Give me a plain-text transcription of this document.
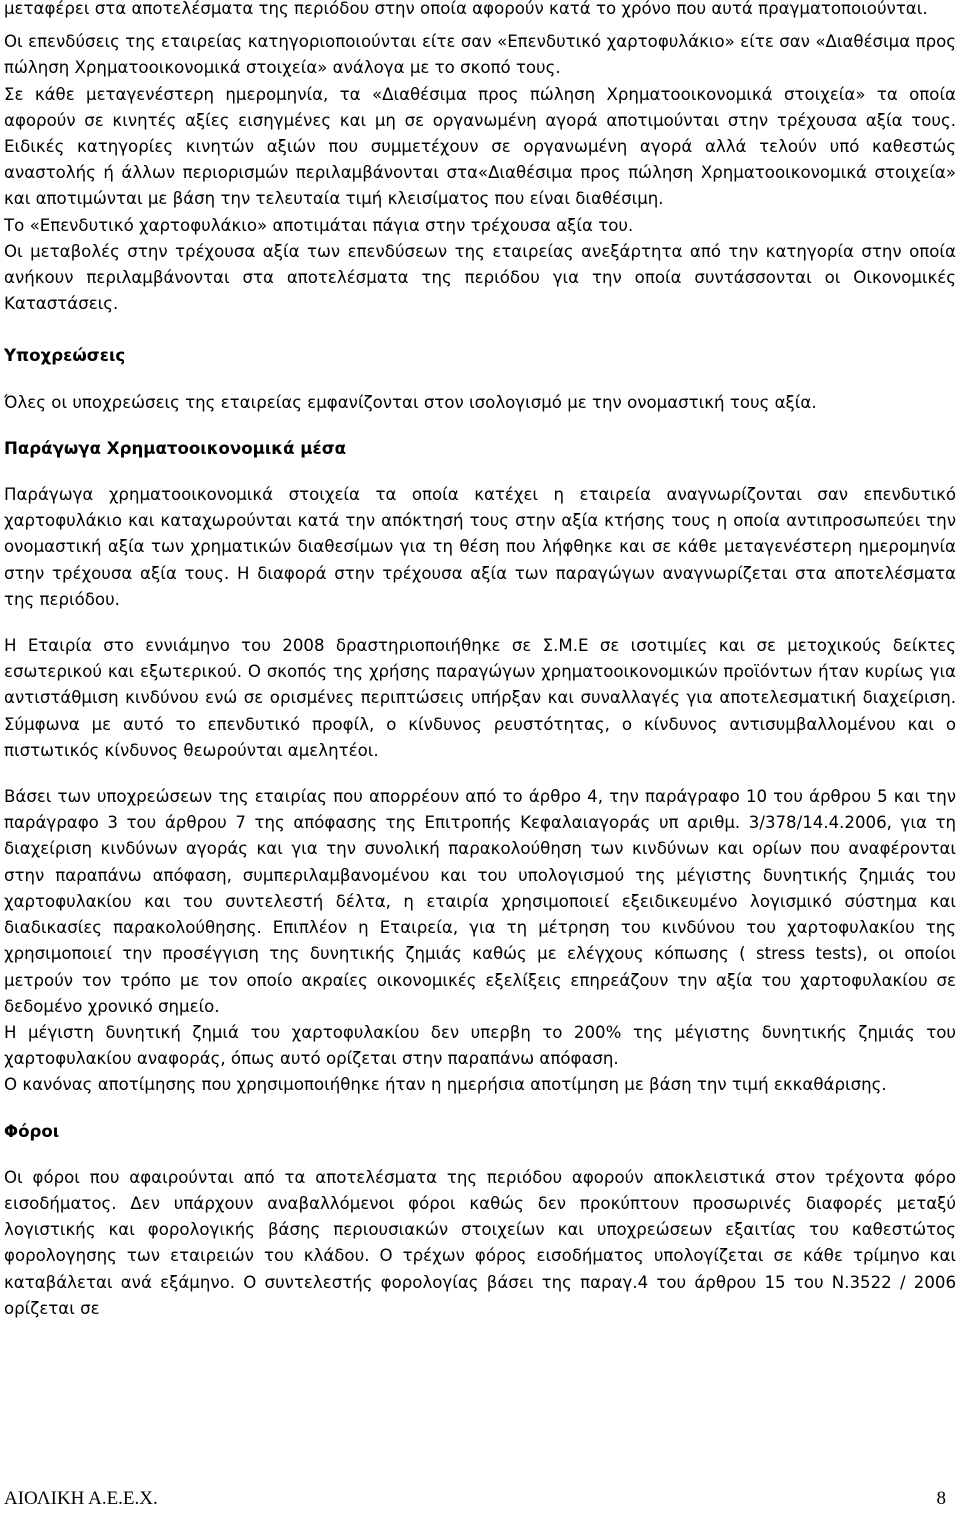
μεταφέρει στα αποτελέσματα της περιόδου στην οποία αφορούν κατά το χρόνο που αυτά πραγματοποιούνται.

Οι επενδύσεις της εταιρείας κατηγοριοποιούνται είτε σαν «Επενδυτικό χαρτοφυλάκιο» είτε σαν «Διαθέσιμα προς πώληση Χρηματοοικονομικά στοιχεία» ανάλογα με το σκοπό τους.

Σε κάθε μεταγενέστερη ημερομηνία, τα «Διαθέσιμα προς πώληση Χρηματοοικονομικά στοιχεία» τα οποία αφορούν σε κινητές αξίες εισηγμένες και μη σε οργανωμένη αγορά αποτιμούνται στην τρέχουσα αξία τους. Ειδικές κατηγορίες κινητών αξιών που συμμετέχουν σε οργανωμένη αγορά αλλά τελούν υπό καθεστώς αναστολής ή άλλων περιορισμών περιλαμβάνονται στα«Διαθέσιμα προς πώληση Χρηματοοικονομικά στοιχεία» και αποτιμώνται με βάση την τελευταία τιμή κλεισίματος που είναι διαθέσιμη.

Το «Επενδυτικό χαρτοφυλάκιο» αποτιμάται πάγια στην τρέχουσα αξία του.

Οι μεταβολές στην τρέχουσα αξία των επενδύσεων της εταιρείας ανεξάρτητα από την κατηγορία στην οποία ανήκουν περιλαμβάνονται στα αποτελέσματα της περιόδου για την οποία συντάσσονται οι Οικονομικές Καταστάσεις.

Υποχρεώσεις

Όλες οι υποχρεώσεις της εταιρείας εμφανίζονται στον ισολογισμό με την ονομαστική τους αξία.

Παράγωγα Χρηματοοικονομικά μέσα

Παράγωγα χρηματοοικονομικά στοιχεία τα οποία κατέχει η εταιρεία αναγνωρίζονται σαν επενδυτικό χαρτοφυλάκιο και καταχωρούνται κατά την απόκτησή τους στην αξία κτήσης τους η οποία αντιπροσωπεύει την ονομαστική αξία των χρηματικών διαθεσίμων για τη θέση που λήφθηκε και σε κάθε μεταγενέστερη ημερομηνία στην τρέχουσα αξία τους. Η διαφορά στην τρέχουσα αξία των παραγώγων αναγνωρίζεται στα αποτελέσματα της περιόδου.

Η Εταιρία στο εννιάμηνο του 2008 δραστηριοποιήθηκε σε Σ.Μ.Ε σε ισοτιμίες και σε μετοχικούς δείκτες εσωτερικού και εξωτερικού. Ο σκοπός της χρήσης παραγώγων χρηματοοικονομικών προϊόντων ήταν κυρίως για αντιστάθμιση κινδύνου ενώ σε ορισμένες περιπτώσεις υπήρξαν και συναλλαγές για αποτελεσματική διαχείριση. Σύμφωνα με αυτό το επενδυτικό προφίλ, ο κίνδυνος ρευστότητας, ο κίνδυνος αντισυμβαλλομένου και ο πιστωτικός κίνδυνος θεωρούνται αμελητέοι.

Βάσει των υποχρεώσεων της εταιρίας που απορρέουν από το άρθρο 4, την παράγραφο 10 του άρθρου 5 και την παράγραφο 3 του άρθρου 7 της απόφασης της Επιτροπής Κεφαλαιαγοράς υπ αριθμ. 3/378/14.4.2006, για τη διαχείριση κινδύνων αγοράς και για την συνολική παρακολούθηση των κινδύνων και ορίων που αναφέρονται στην παραπάνω απόφαση, συμπεριλαμβανομένου και του υπολογισμού της μέγιστης δυνητικής ζημιάς του χαρτοφυλακίου και του συντελεστή δέλτα, η εταιρία χρησιμοποιεί εξειδικευμένο λογισμικό σύστημα και διαδικασίες παρακολούθησης. Επιπλέον η Εταιρεία, για τη μέτρηση του κινδύνου του χαρτοφυλακίου της χρησιμοποιεί την προσέγγιση της δυνητικής ζημιάς καθώς με ελέγχους κόπωσης ( stress tests), οι οποίοι μετρούν τον τρόπο με τον οποίο ακραίες οικονομικές εξελίξεις επηρεάζουν την αξία του χαρτοφυλακίου σε δεδομένο χρονικό σημείο.

Η μέγιστη δυνητική ζημιά του χαρτοφυλακίου δεν υπερβη το 200% της μέγιστης δυνητικής ζημιάς του χαρτοφυλακίου αναφοράς, όπως αυτό ορίζεται στην παραπάνω απόφαση.

Ο κανόνας αποτίμησης που χρησιμοποιήθηκε ήταν η ημερήσια αποτίμηση με βάση την τιμή εκκαθάρισης.

Φόροι

Οι φόροι που αφαιρούνται από τα αποτελέσματα της περιόδου αφορούν αποκλειστικά στον τρέχοντα φόρο εισοδήματος. Δεν υπάρχουν αναβαλλόμενοι φόροι καθώς δεν προκύπτουν προσωρινές διαφορές μεταξύ λογιστικής και φορολογικής βάσης περιουσιακών στοιχείων και υποχρεώσεων εξαιτίας του καθεστώτος φορολογησης των εταιρειών του κλάδου. Ο τρέχων φόρος εισοδήματος υπολογίζεται σε κάθε τρίμηνο και καταβάλεται ανά εξάμηνο. Ο συντελεστής φορολογίας βάσει της παραγ.4 του άρθρου 15 του Ν.3522 / 2006 ορίζεται σε

ΑΙΟΛΙΚΗ Α.Ε.Ε.Χ.	8
